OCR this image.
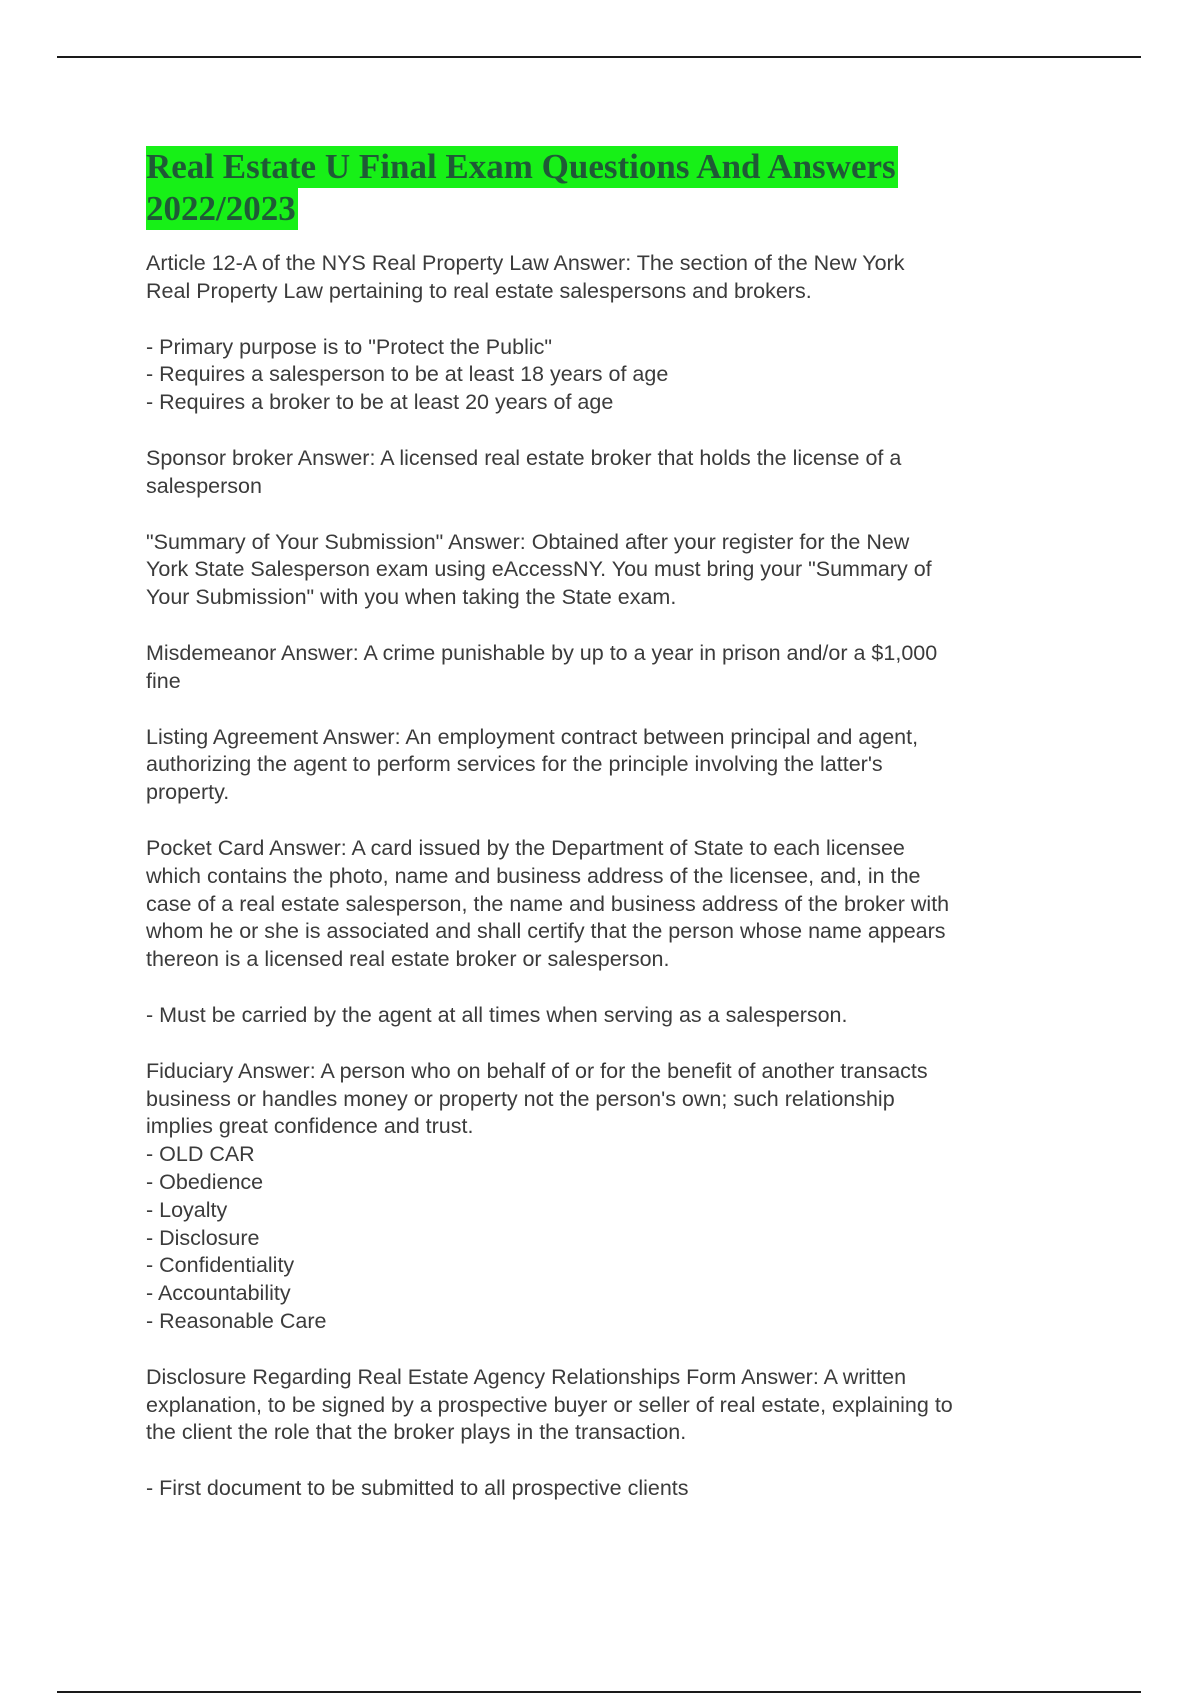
Real Estate U Final Exam Questions And Answers
2022/2023
Article 12-A of the NYS Real Property Law Answer: The section of the New York
Real Property Law pertaining to real estate salespersons and brokers.
- Primary purpose is to "Protect the Public"
- Requires a salesperson to be at least 18 years of age
- Requires a broker to be at least 20 years of age
Sponsor broker Answer: A licensed real estate broker that holds the license of a
salesperson
"Summary of Your Submission" Answer: Obtained after your register for the New
York State Salesperson exam using eAccessNY. You must bring your "Summary of
Your Submission" with you when taking the State exam.
Misdemeanor Answer: A crime punishable by up to a year in prison and/or a $1,000
fine
Listing Agreement Answer: An employment contract between principal and agent,
authorizing the agent to perform services for the principle involving the latter's
property.
Pocket Card Answer: A card issued by the Department of State to each licensee
which contains the photo, name and business address of the licensee, and, in the
case of a real estate salesperson, the name and business address of the broker with
whom he or she is associated and shall certify that the person whose name appears
thereon is a licensed real estate broker or salesperson.
- Must be carried by the agent at all times when serving as a salesperson.
Fiduciary Answer: A person who on behalf of or for the benefit of another transacts
business or handles money or property not the person's own; such relationship
implies great confidence and trust.
- OLD CAR
- Obedience
- Loyalty
- Disclosure
- Confidentiality
- Accountability
- Reasonable Care
Disclosure Regarding Real Estate Agency Relationships Form Answer: A written
explanation, to be signed by a prospective buyer or seller of real estate, explaining to
the client the role that the broker plays in the transaction.
- First document to be submitted to all prospective clients
